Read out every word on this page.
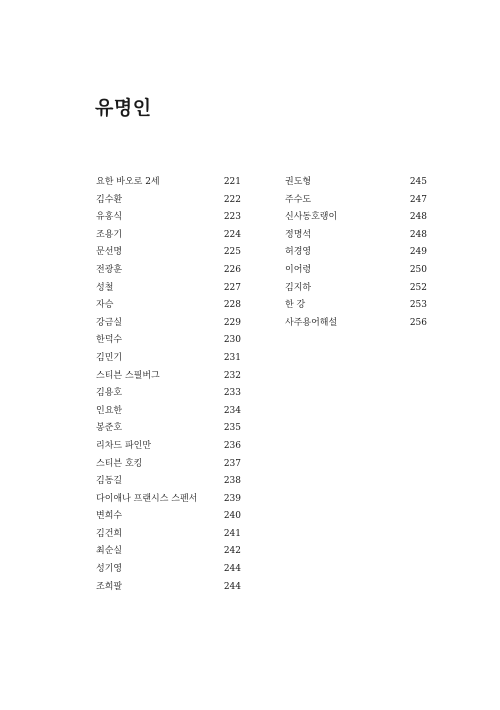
유명인
요한 바오로 2세	221
김수환	222
유홍식	223
조용기	224
문선명	225
전광훈	226
성철	227
자승	228
강금실	229
한덕수	230
김민기	231
스티븐 스필버그	232
김용호	233
인요한	234
봉준호	235
리차드 파인만	236
스티븐 호킹	237
김동길	238
다이애나 프랜시스 스펜서	239
변희수	240
김건희	241
최순실	242
성기영	244
조희팔	244
권도형	245
주수도	247
신사동호랭이	248
정명석	248
허경영	249
이어령	250
김지하	252
한 강	253
사주용어해설	256
